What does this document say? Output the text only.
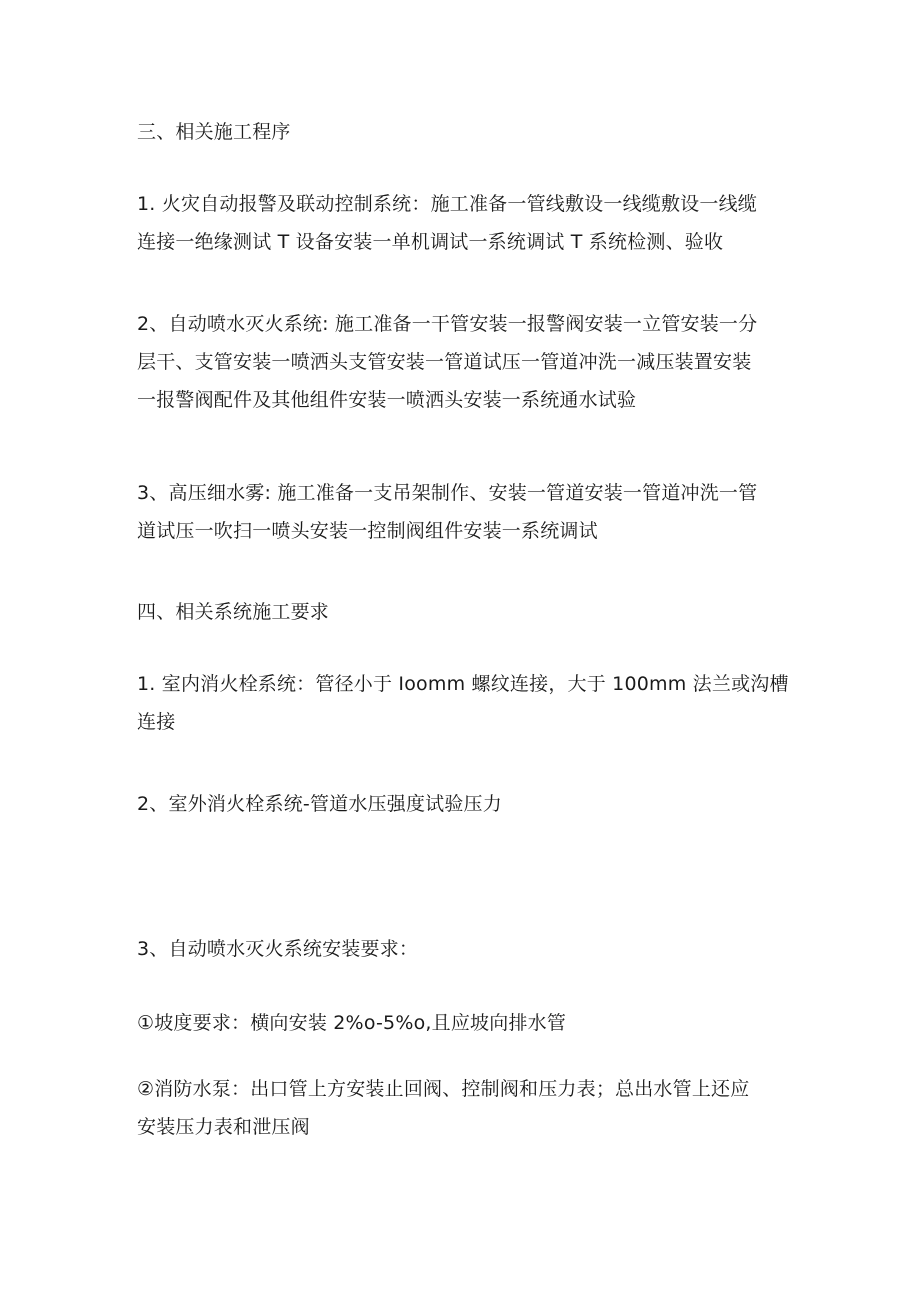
三、相关施工程序

1. 火灾自动报警及联动控制系统：施工准备一管线敷设一线缆敷设一线缆
连接一绝缘测试 T 设备安装一单机调试一系统调试 T 系统检测、验收

2、自动喷水灭火系统: 施工准备一干管安装一报警阀安装一立管安装一分
层干、支管安装一喷洒头支管安装一管道试压一管道冲洗一减压装置安装
一报警阀配件及其他组件安装一喷洒头安装一系统通水试验

3、高压细水雾: 施工准备一支吊架制作、安装一管道安装一管道冲洗一管
道试压一吹扫一喷头安装一控制阀组件安装一系统调试

四、相关系统施工要求

1. 室内消火栓系统：管径小于 Ioomm 螺纹连接，大于 100mm 法兰或沟槽
连接

2、室外消火栓系统-管道水压强度试验压力

3、自动喷水灭火系统安装要求：

①坡度要求：横向安装 2%o-5%o,且应坡向排水管

②消防水泵：出口管上方安装止回阀、控制阀和压力表；总出水管上还应
安装压力表和泄压阀
